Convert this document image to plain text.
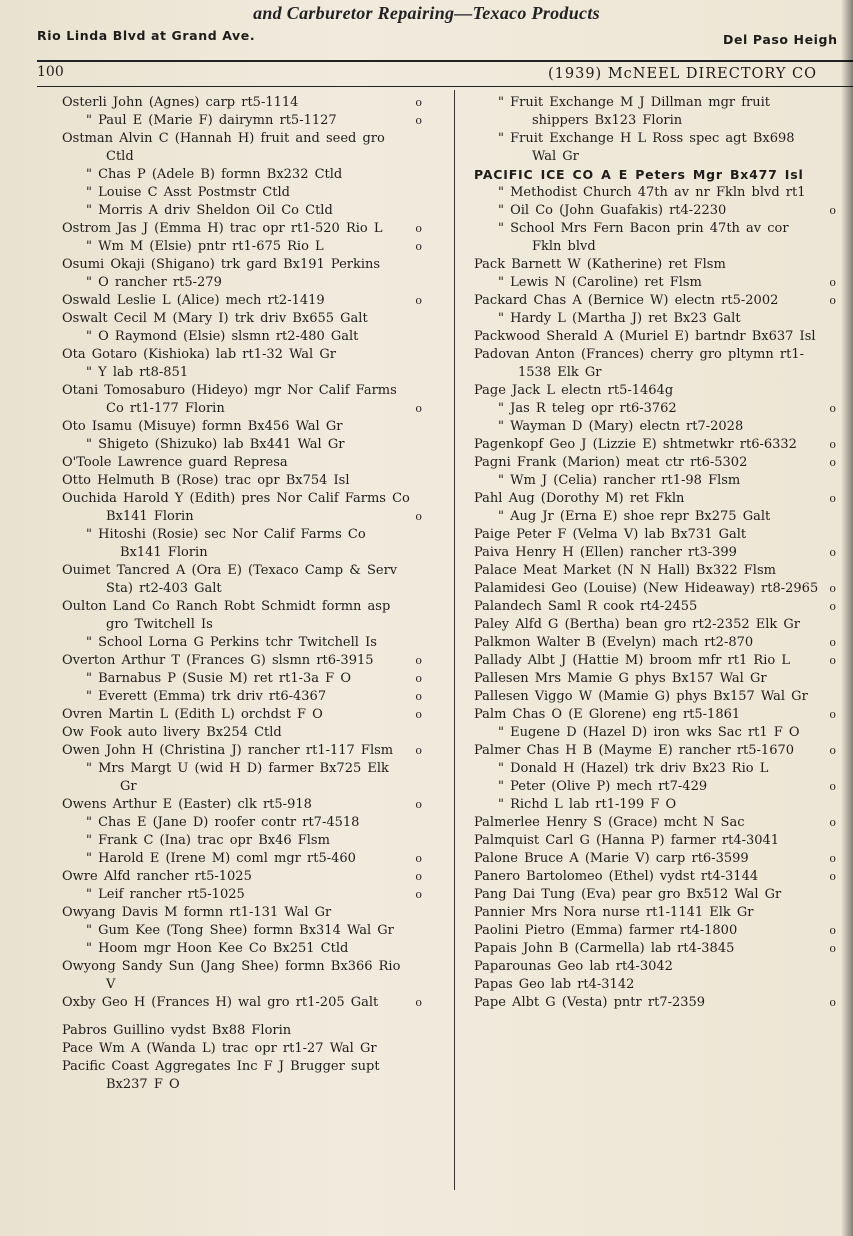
and Carburetor Repairing—Texaco Products
Rio Linda Blvd at Grand Ave.	Del Paso Heigh
100	(1939) McNEEL DIRECTORY CO
Osterli John (Agnes) carp rt5-1114	o
" Paul E (Marie F) dairymn rt5-1127	o
Ostman Alvin C (Hannah H) fruit and seed gro Ctld
" Chas P (Adele B) formn Bx232 Ctld
" Louise C Asst Postmstr Ctld
" Morris A driv Sheldon Oil Co Ctld
Ostrom Jas J (Emma H) trac opr rt1-520 Rio L	o
" Wm M (Elsie) pntr rt1-675 Rio L	o
Osumi Okaji (Shigano) trk gard Bx191 Perkins
" O rancher rt5-279
Oswald Leslie L (Alice) mech rt2-1419	o
Oswalt Cecil M (Mary I) trk driv Bx655 Galt
" O Raymond (Elsie) slsmn rt2-480 Galt
Ota Gotaro (Kishioka) lab rt1-32 Wal Gr
" Y lab rt8-851
Otani Tomosaburo (Hideyo) mgr Nor Calif Farms Co rt1-177 Florin	o
Oto Isamu (Misuye) formn Bx456 Wal Gr
" Shigeto (Shizuko) lab Bx441 Wal Gr
O'Toole Lawrence guard Represa
Otto Helmuth B (Rose) trac opr Bx754 Isl
Ouchida Harold Y (Edith) pres Nor Calif Farms Co Bx141 Florin	o
" Hitoshi (Rosie) sec Nor Calif Farms Co Bx141 Florin
Ouimet Tancred A (Ora E) (Texaco Camp & Serv Sta) rt2-403 Galt
Oulton Land Co Ranch Robt Schmidt formn asp gro Twitchell Is
" School Lorna G Perkins tchr Twitchell Is
Overton Arthur T (Frances G) slsmn rt6-3915	o
" Barnabus P (Susie M) ret rt1-3a F O	o
" Everett (Emma) trk driv rt6-4367	o
Ovren Martin L (Edith L) orchdst F O	o
Ow Fook auto livery Bx254 Ctld
Owen John H (Christina J) rancher rt1-117 Flsm o
" Mrs Margt U (wid H D) farmer Bx725 Elk Gr
Owens Arthur E (Easter) clk rt5-918	o
" Chas E (Jane D) roofer contr rt7-4518
" Frank C (Ina) trac opr Bx46 Flsm
" Harold E (Irene M) coml mgr rt5-460	o
Owre Alfd rancher rt5-1025	o
" Leif rancher rt5-1025	o
Owyang Davis M formn rt1-131 Wal Gr
" Gum Kee (Tong Shee) formn Bx314 Wal Gr
" Hoom mgr Hoon Kee Co Bx251 Ctld
Owyong Sandy Sun (Jang Shee) formn Bx366 Rio V
Oxby Geo H (Frances H) wal gro rt1-205 Galt	o
Pabros Guillino vydst Bx88 Florin
Pace Wm A (Wanda L) trac opr rt1-27 Wal Gr
Pacific Coast Aggregates Inc F J Brugger supt Bx237 F O
" Fruit Exchange M J Dillman mgr fruit shippers Bx123 Florin
" Fruit Exchange H L Ross spec agt Bx698 Wal Gr
PACIFIC ICE CO A E Peters Mgr Bx477 Isl
" Methodist Church 47th av nr Fkln blvd rt1
" Oil Co (John Guafakis) rt4-2230	o
" School Mrs Fern Bacon prin 47th av cor Fkln blvd
Pack Barnett W (Katherine) ret Flsm
" Lewis N (Caroline) ret Flsm	o
Packard Chas A (Bernice W) electn rt5-2002	o
" Hardy L (Martha J) ret Bx23 Galt
Packwood Sherald A (Muriel E) bartndr Bx637 Isl
Padovan Anton (Frances) cherry gro pltymn rt1-1538 Elk Gr
Page Jack L electn rt5-1464g
" Jas R teleg opr rt6-3762	o
" Wayman D (Mary) electn rt7-2028
Pagenkopf Geo J (Lizzie E) shtmetwkr rt6-6332	o
Pagni Frank (Marion) meat ctr rt6-5302	o
" Wm J (Celia) rancher rt1-98 Flsm
Pahl Aug (Dorothy M) ret Fkln	o
" Aug Jr (Erna E) shoe repr Bx275 Galt
Paige Peter F (Velma V) lab Bx731 Galt
Paiva Henry H (Ellen) rancher rt3-399	o
Palace Meat Market (N N Hall) Bx322 Flsm
Palamidesi Geo (Louise) (New Hideaway) rt8-2965 o
Palandech Saml R cook rt4-2455	o
Paley Alfd G (Bertha) bean gro rt2-2352 Elk Gr
Palkmon Walter B (Evelyn) mach rt2-870	o
Pallady Albt J (Hattie M) broom mfr rt1 Rio L	o
Pallesen Mrs Mamie G phys Bx157 Wal Gr
Pallesen Viggo W (Mamie G) phys Bx157 Wal Gr
Palm Chas O (E Glorene) eng rt5-1861	o
" Eugene D (Hazel D) iron wks Sac rt1 F O
Palmer Chas H B (Mayme E) rancher rt5-1670	o
" Donald H (Hazel) trk driv Bx23 Rio L
" Peter (Olive P) mech rt7-429	o
" Richd L lab rt1-199 F O
Palmerlee Henry S (Grace) mcht N Sac	o
Palmquist Carl G (Hanna P) farmer rt4-3041
Palone Bruce A (Marie V) carp rt6-3599	o
Panero Bartolomeo (Ethel) vydst rt4-3144	o
Pang Dai Tung (Eva) pear gro Bx512 Wal Gr
Pannier Mrs Nora nurse rt1-1141 Elk Gr
Paolini Pietro (Emma) farmer rt4-1800	o
Papais John B (Carmella) lab rt4-3845	o
Paparounas Geo lab rt4-3042
Papas Geo lab rt4-3142
Pape Albt G (Vesta) pntr rt7-2359	o
